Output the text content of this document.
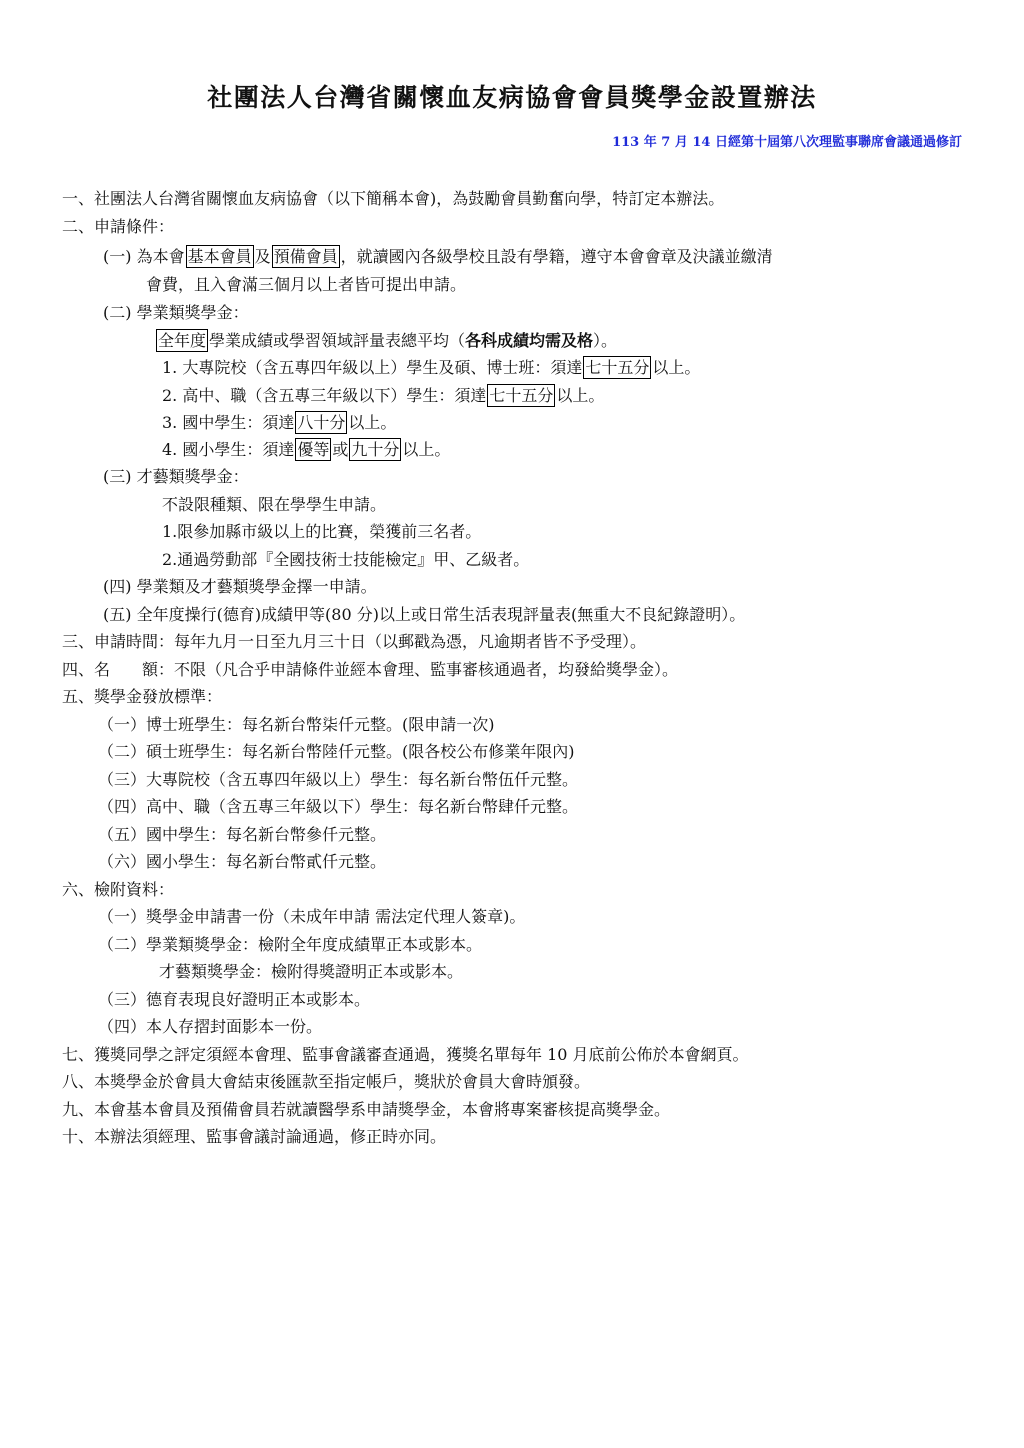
社團法人台灣省關懷血友病協會會員獎學金設置辦法
113 年 7 月 14 日經第十屆第八次理監事聯席會議通過修訂
一、社團法人台灣省關懷血友病協會（以下簡稱本會)，為鼓勵會員勤奮向學，特訂定本辦法。
二、申請條件：
(一) 為本會 基本會員 及 預備會員 ，就讀國內各級學校且設有學籍，遵守本會會章及決議並繳清
會費，且入會滿三個月以上者皆可提出申請。
(二) 學業類獎學金：
全年度 學業成績或學習領域評量表總平均（各科成績均需及格）。
1. 大專院校（含五專四年級以上）學生及碩、博士班：須達 七十五分 以上。
2. 高中、職（含五專三年級以下）學生：須達 七十五分 以上。
3. 國中學生：須達 八十分 以上。
4. 國小學生：須達 優等 或 九十分 以上。
(三) 才藝類獎學金：
不設限種類、限在學學生申請。
1.限參加縣市級以上的比賽，榮獲前三名者。
2.通過勞動部『全國技術士技能檢定』甲、乙級者。
(四) 學業類及才藝類獎學金擇一申請。
(五) 全年度操行(德育)成績甲等(80 分)以上或日常生活表現評量表(無重大不良紀錄證明）。
三、申請時間：每年九月一日至九月三十日（以郵戳為憑，凡逾期者皆不予受理）。
四、名　　額：不限（凡合乎申請條件並經本會理、監事審核通過者，均發給獎學金）。
五、獎學金發放標準：
（一）博士班學生：每名新台幣柒仟元整。(限申請一次)
（二）碩士班學生：每名新台幣陸仟元整。(限各校公布修業年限內)
（三）大專院校（含五專四年級以上）學生：每名新台幣伍仟元整。
（四）高中、職（含五專三年級以下）學生：每名新台幣肆仟元整。
（五）國中學生：每名新台幣參仟元整。
（六）國小學生：每名新台幣貳仟元整。
六、檢附資料：
（一）獎學金申請書一份（未成年申請 需法定代理人簽章)。
（二）學業類獎學金：檢附全年度成績單正本或影本。
才藝類獎學金：檢附得獎證明正本或影本。
（三）德育表現良好證明正本或影本。
（四）本人存摺封面影本一份。
七、獲獎同學之評定須經本會理、監事會議審查通過，獲獎名單每年 10 月底前公佈於本會網頁。
八、本獎學金於會員大會結束後匯款至指定帳戶，獎狀於會員大會時頒發。
九、本會基本會員及預備會員若就讀醫學系申請獎學金，本會將專案審核提高獎學金。
十、本辦法須經理、監事會議討論通過，修正時亦同。
